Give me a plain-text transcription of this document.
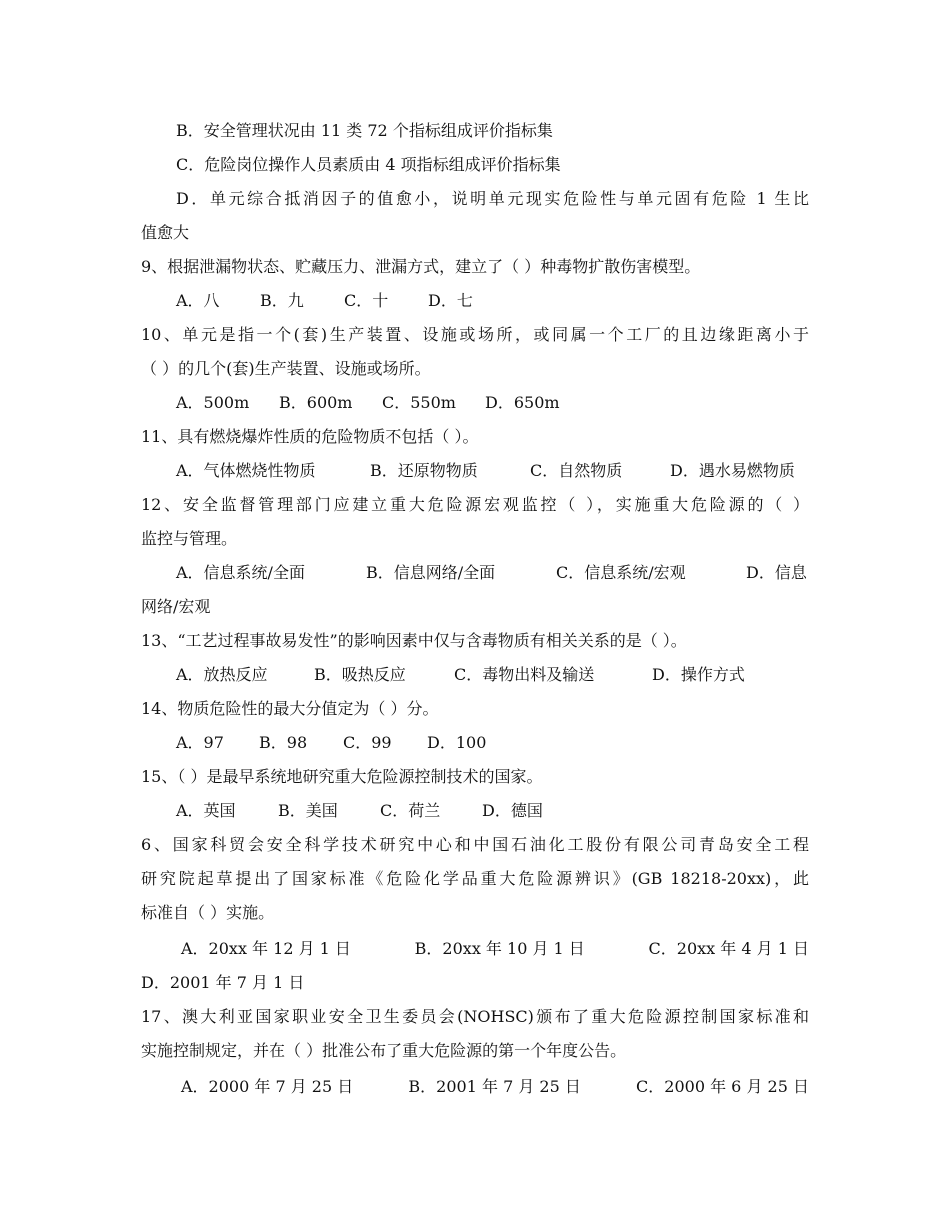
B．安全管理状况由 11 类 72 个指标组成评价指标集
C．危险岗位操作人员素质由 4 项指标组成评价指标集
D．单元综合抵消因子的值愈小，说明单元现实危险性与单元固有危险 1 生比
值愈大
9、根据泄漏物状态、贮藏压力、泄漏方式，建立了（ ）种毒物扩散伤害模型。
A．八	B．九	C．十 D．七
10、单元是指一个(套)生产装置、设施或场所，或同属一个工厂的且边缘距离小于
（ ）的几个(套)生产装置、设施或场所。
A．500m B．600m C．550m D．650m
11、具有燃烧爆炸性质的危险物质不包括（ ）。
A．气体燃烧性物质	B．还原物物质	C．自然物质	D．遇水易燃物质
12、安全监督管理部门应建立重大危险源宏观监控（ ），实施重大危险源的（ ）
监控与管理。
A．信息系统/全面	B．信息网络/全面	C．信息系统/宏观	D．信息
网络/宏观
13、“工艺过程事故易发性”的影响因素中仅与含毒物质有相关关系的是（ ）。
A．放热反应	B．吸热反应	C．毒物出料及输送	D．操作方式
14、物质危险性的最大分值定为（ ）分。
A．97 B．98 C．99 D．100
15、（ ）是最早系统地研究重大危险源控制技术的国家。
A．英国	B．美国	C．荷兰	D．德国
6、国家科贸会安全科学技术研究中心和中国石油化工股份有限公司青岛安全工程
研究院起草提出了国家标准《危险化学品重大危险源辨识》(GB 18218-20xx)，此
标准自（ ）实施。
A．20xx 年 12 月 1 日	B．20xx 年 10 月 1 日	C．20xx 年 4 月 1 日
D．2001 年 7 月 1 日
17、澳大利亚国家职业安全卫生委员会(NOHSC)颁布了重大危险源控制国家标准和
实施控制规定，并在（ ）批准公布了重大危险源的第一个年度公告。
A．2000 年 7 月 25 日	B．2001 年 7 月 25 日	C．2000 年 6 月 25 日
